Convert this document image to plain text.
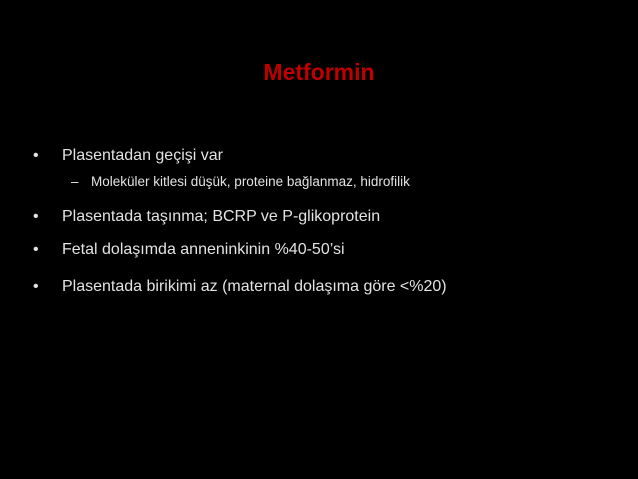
Metformin
• Plasentadan geçişi var
– Moleküler kitlesi düşük, proteine bağlanmaz, hidrofilik
• Plasentada taşınma; BCRP ve P-glikoprotein
• Fetal dolaşımda anneninkinin %40-50’si
• Plasentada birikimi az (maternal dolaşıma göre <%20)
